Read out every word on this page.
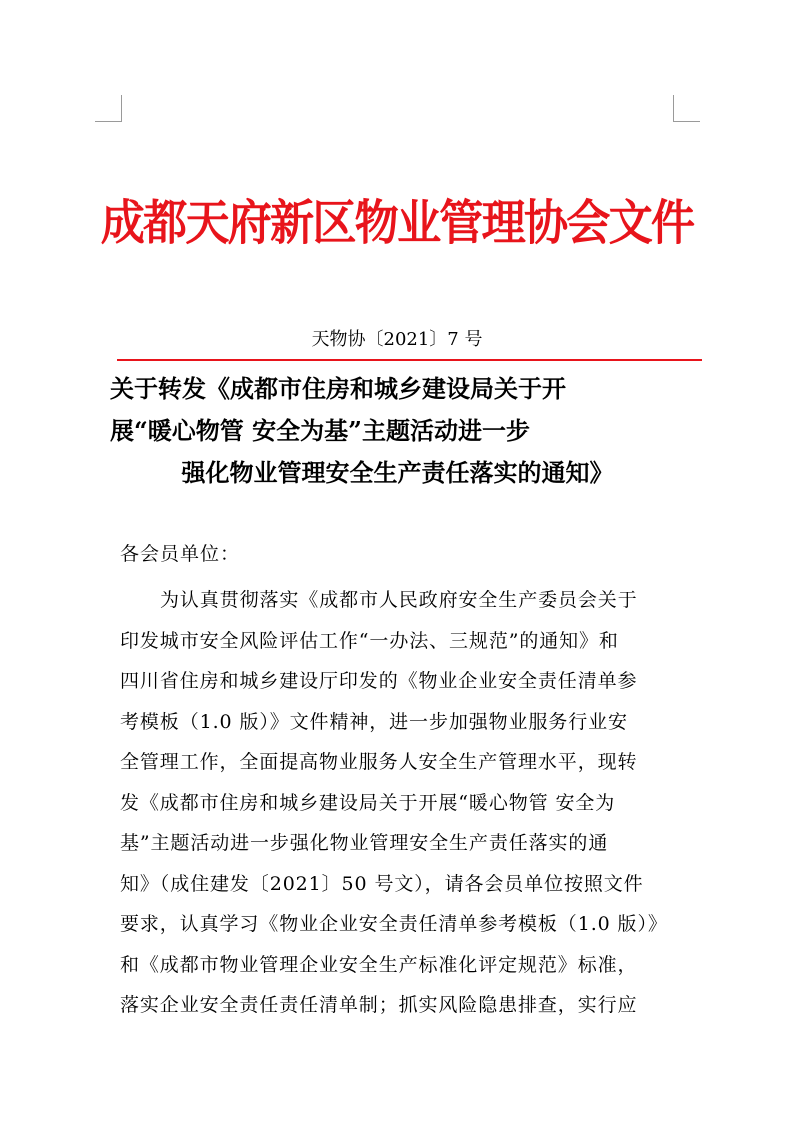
成都天府新区物业管理协会文件
天物协〔2021〕7 号
关于转发《成都市住房和城乡建设局关于开
展“暖心物管 安全为基”主题活动进一步
强化物业管理安全生产责任落实的通知》
各会员单位：
为认真贯彻落实《成都市人民政府安全生产委员会关于
印发城市安全风险评估工作“一办法、三规范”的通知》和
四川省住房和城乡建设厅印发的《物业企业安全责任清单参
考模板（1.0 版）》文件精神，进一步加强物业服务行业安
全管理工作，全面提高物业服务人安全生产管理水平，现转
发《成都市住房和城乡建设局关于开展“暖心物管 安全为
基”主题活动进一步强化物业管理安全生产责任落实的通
知》（成住建发〔2021〕50 号文），请各会员单位按照文件
要求，认真学习《物业企业安全责任清单参考模板（1.0 版）》
和《成都市物业管理企业安全生产标准化评定规范》标准，
落实企业安全责任责任清单制；抓实风险隐患排查，实行应
